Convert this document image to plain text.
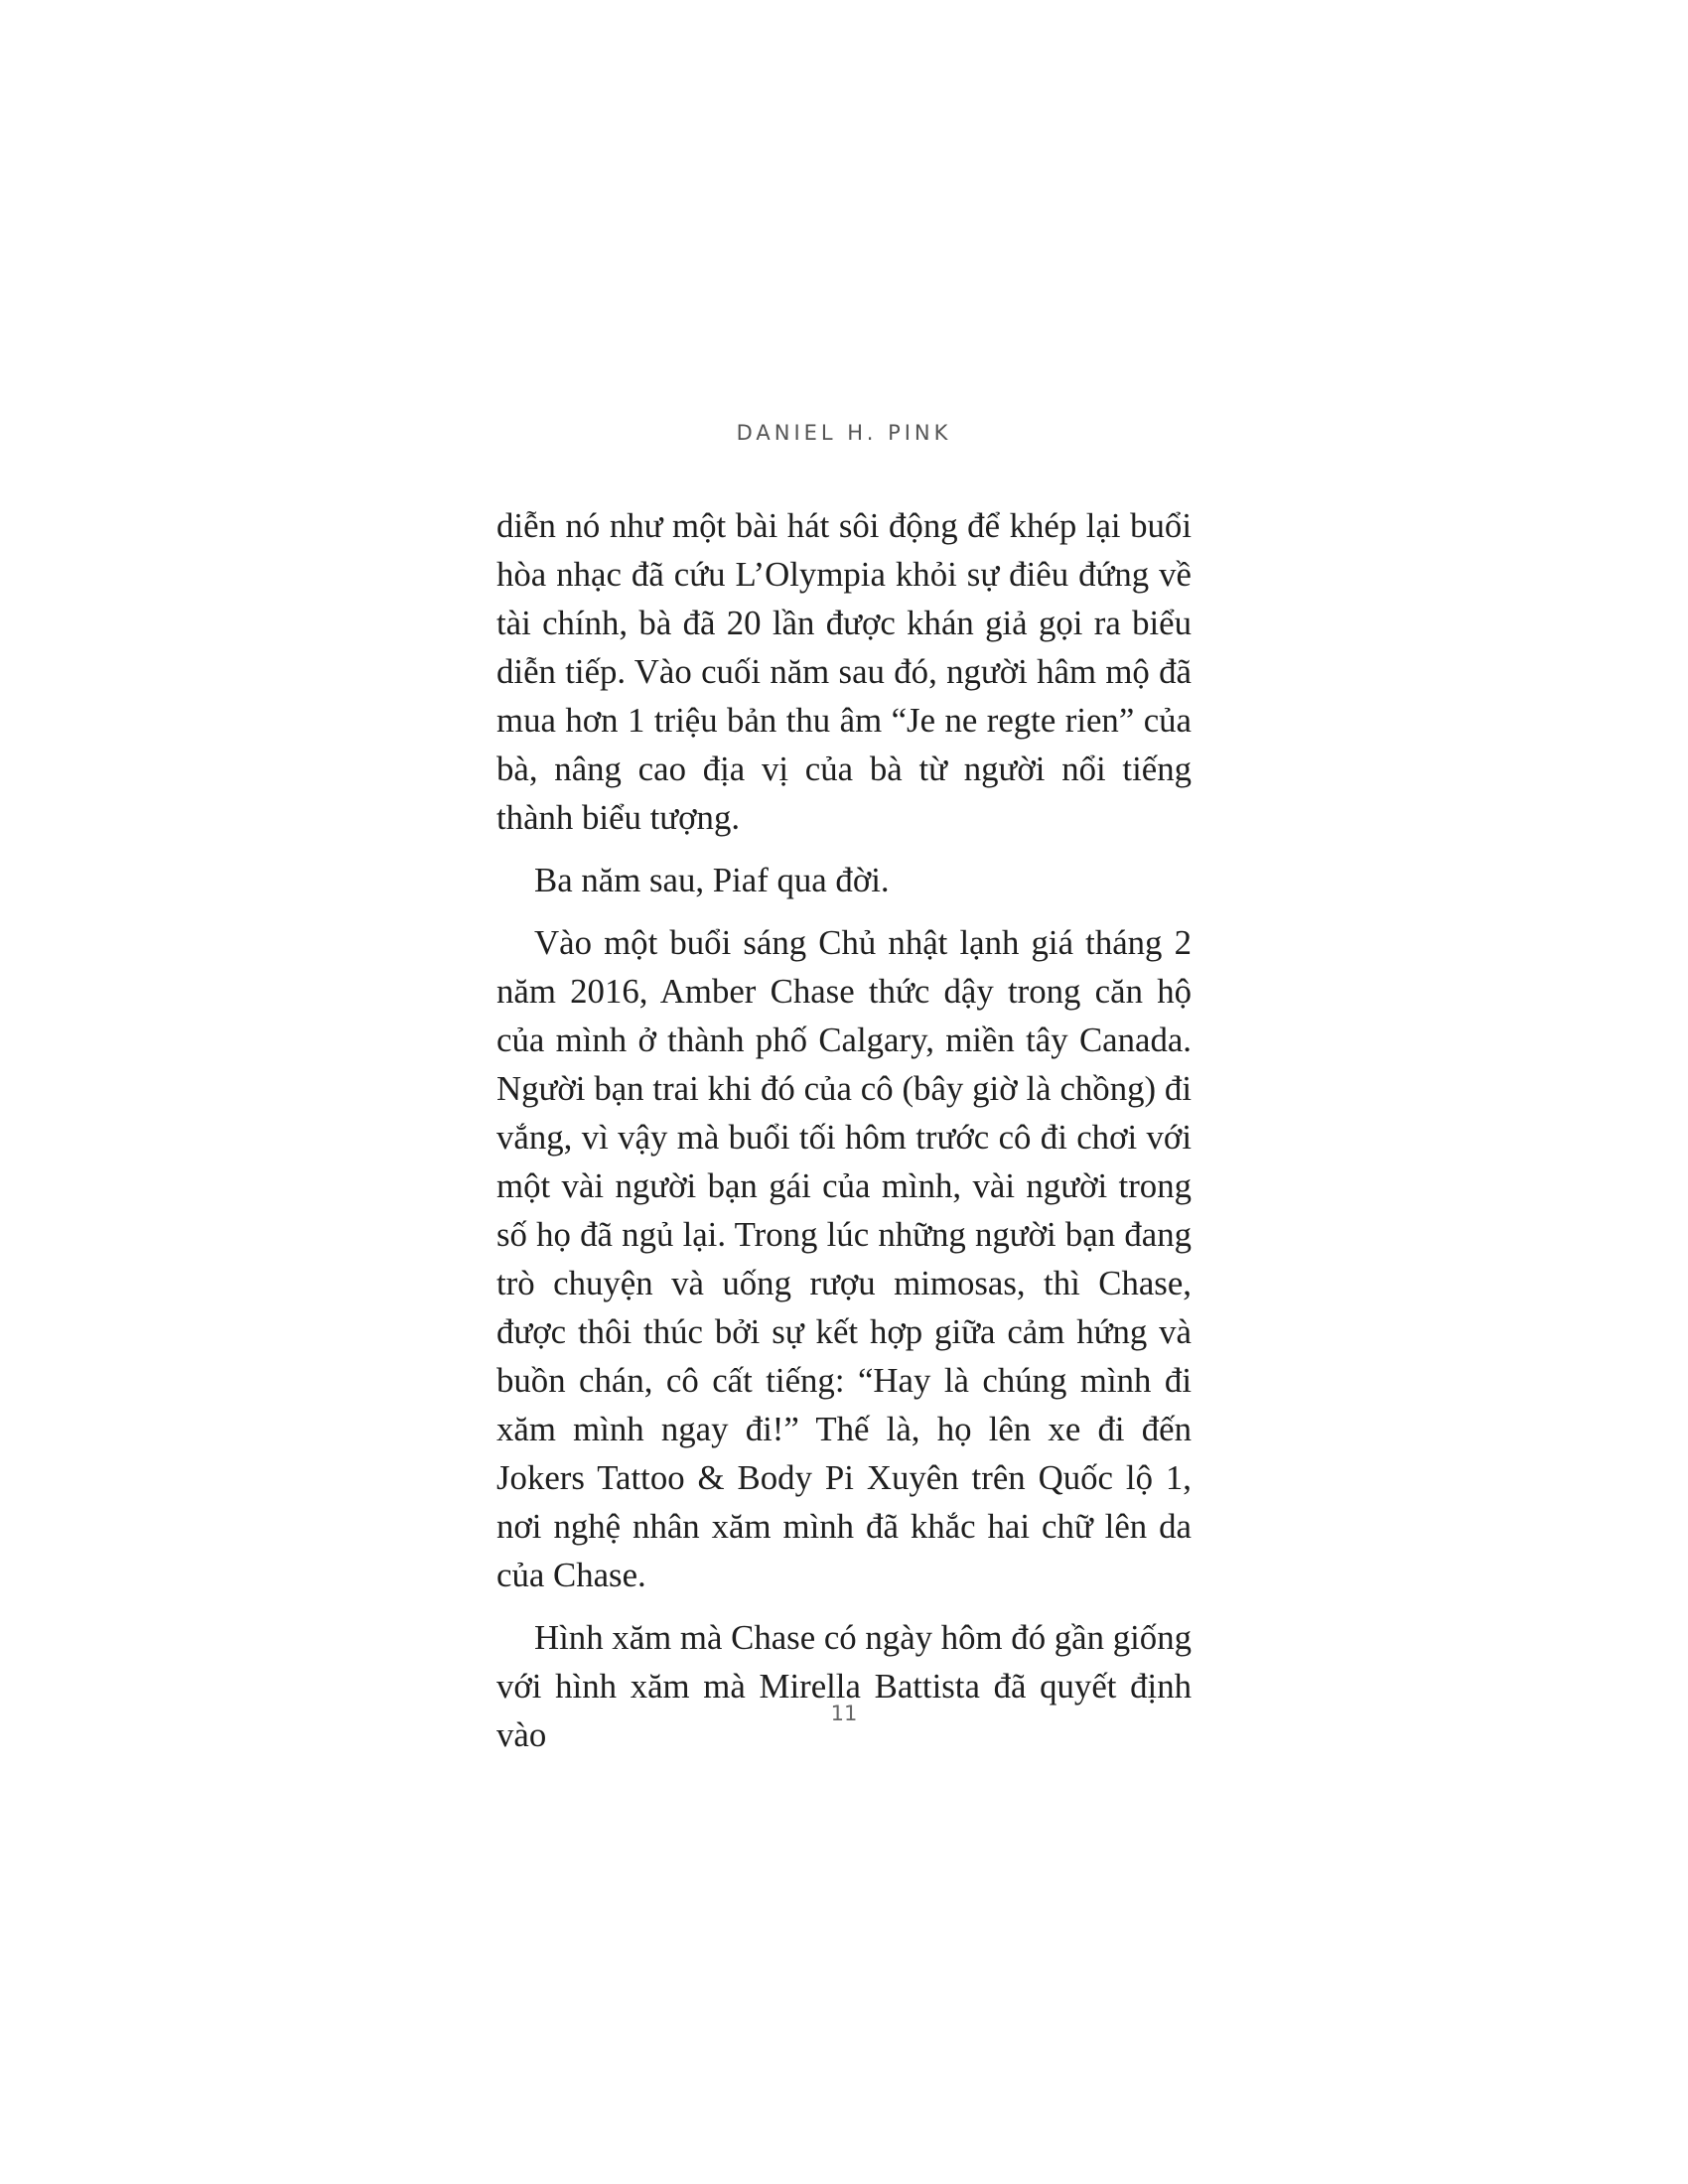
DANIEL H. PINK

diễn nó như một bài hát sôi động để khép lại buổi hòa nhạc đã cứu L’Olympia khỏi sự điêu đứng về tài chính, bà đã 20 lần được khán giả gọi ra biểu diễn tiếp. Vào cuối năm sau đó, người hâm mộ đã mua hơn 1 triệu bản thu âm “Je ne regte rien” của bà, nâng cao địa vị của bà từ người nổi tiếng thành biểu tượng.

Ba năm sau, Piaf qua đời.

Vào một buổi sáng Chủ nhật lạnh giá tháng 2 năm 2016, Amber Chase thức dậy trong căn hộ của mình ở thành phố Calgary, miền tây Canada. Người bạn trai khi đó của cô (bây giờ là chồng) đi vắng, vì vậy mà buổi tối hôm trước cô đi chơi với một vài người bạn gái của mình, vài người trong số họ đã ngủ lại. Trong lúc những người bạn đang trò chuyện và uống rượu mimosas, thì Chase, được thôi thúc bởi sự kết hợp giữa cảm hứng và buồn chán, cô cất tiếng: “Hay là chúng mình đi xăm mình ngay đi!” Thế là, họ lên xe đi đến Jokers Tattoo & Body Pi Xuyên trên Quốc lộ 1, nơi nghệ nhân xăm mình đã khắc hai chữ lên da của Chase.

Hình xăm mà Chase có ngày hôm đó gần giống với hình xăm mà Mirella Battista đã quyết định vào

11
